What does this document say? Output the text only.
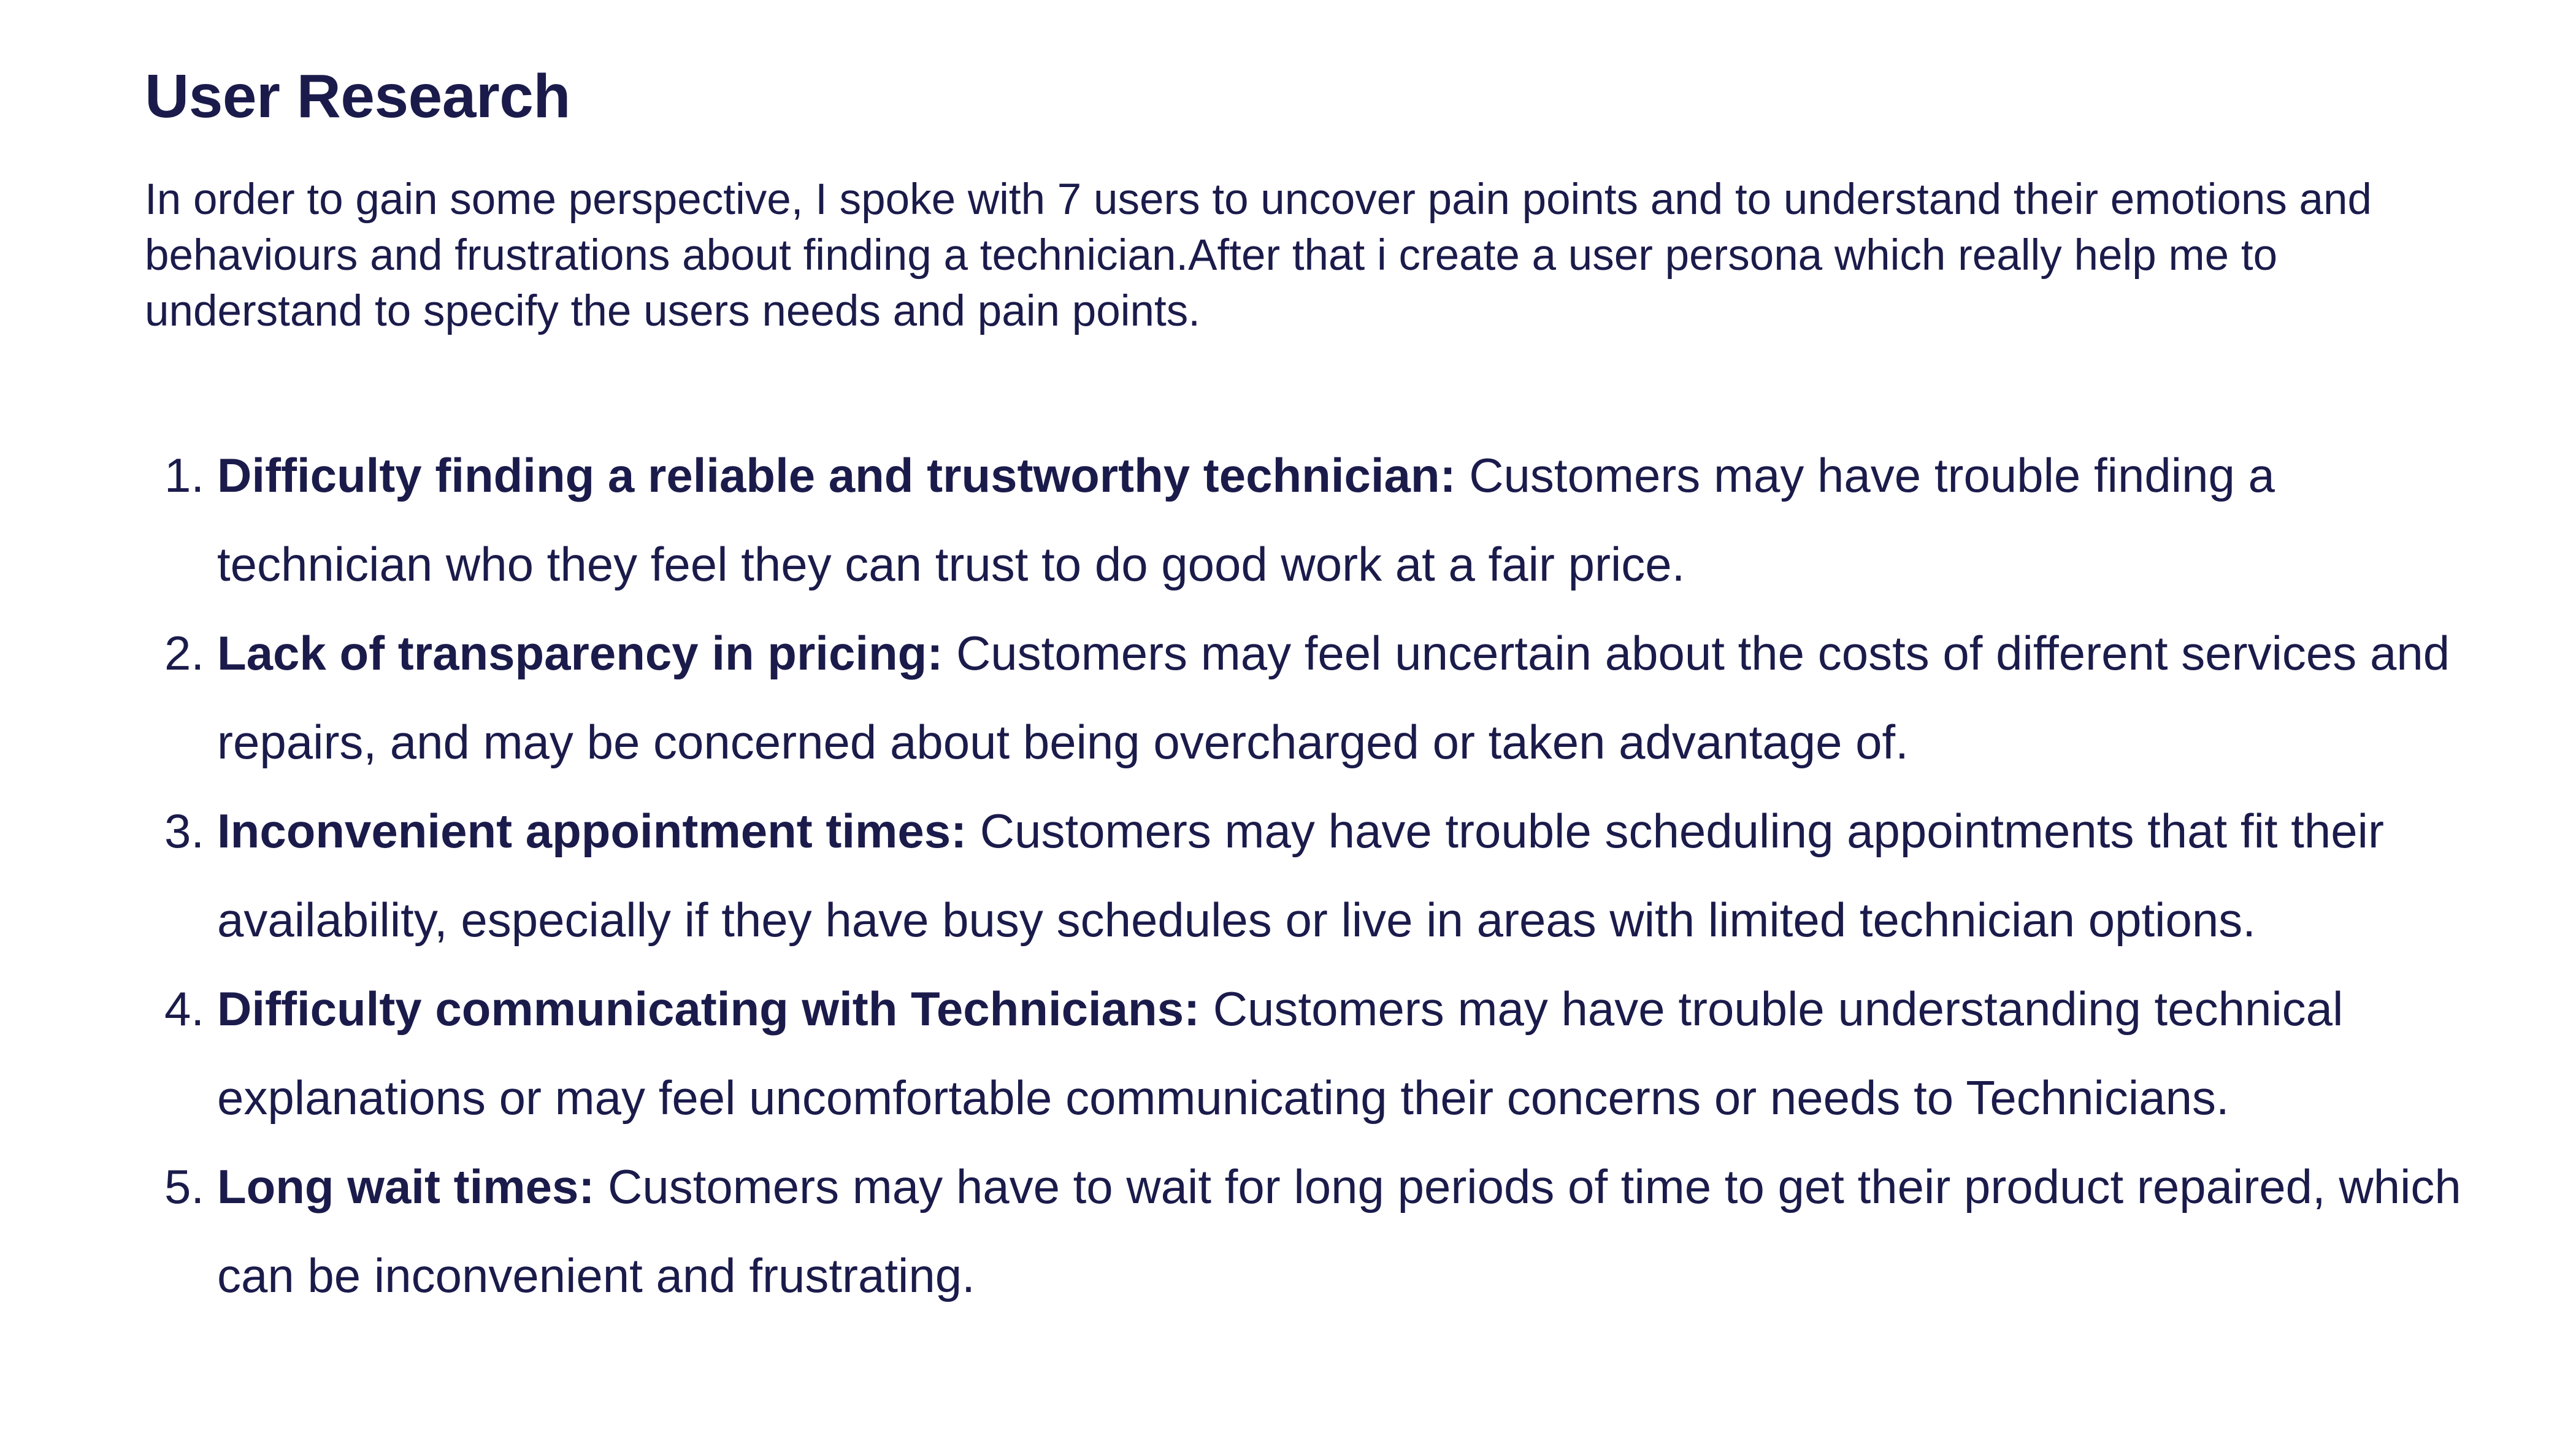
User Research

In order to gain some perspective, I spoke with 7 users to uncover pain points and to understand their emotions and behaviours and frustrations about finding a technician.After that i create a user persona which really help me to understand to specify the users needs and pain points.

1. Difficulty finding a reliable and trustworthy technician: Customers may have trouble finding a technician who they feel they can trust to do good work at a fair price.
2. Lack of transparency in pricing: Customers may feel uncertain about the costs of different services and repairs, and may be concerned about being overcharged or taken advantage of.
3. Inconvenient appointment times: Customers may have trouble scheduling appointments that fit their availability, especially if they have busy schedules or live in areas with limited technician options.
4. Difficulty communicating with Technicians: Customers may have trouble understanding technical explanations or may feel uncomfortable communicating their concerns or needs to Technicians.
5. Long wait times: Customers may have to wait for long periods of time to get their product repaired, which can be inconvenient and frustrating.
